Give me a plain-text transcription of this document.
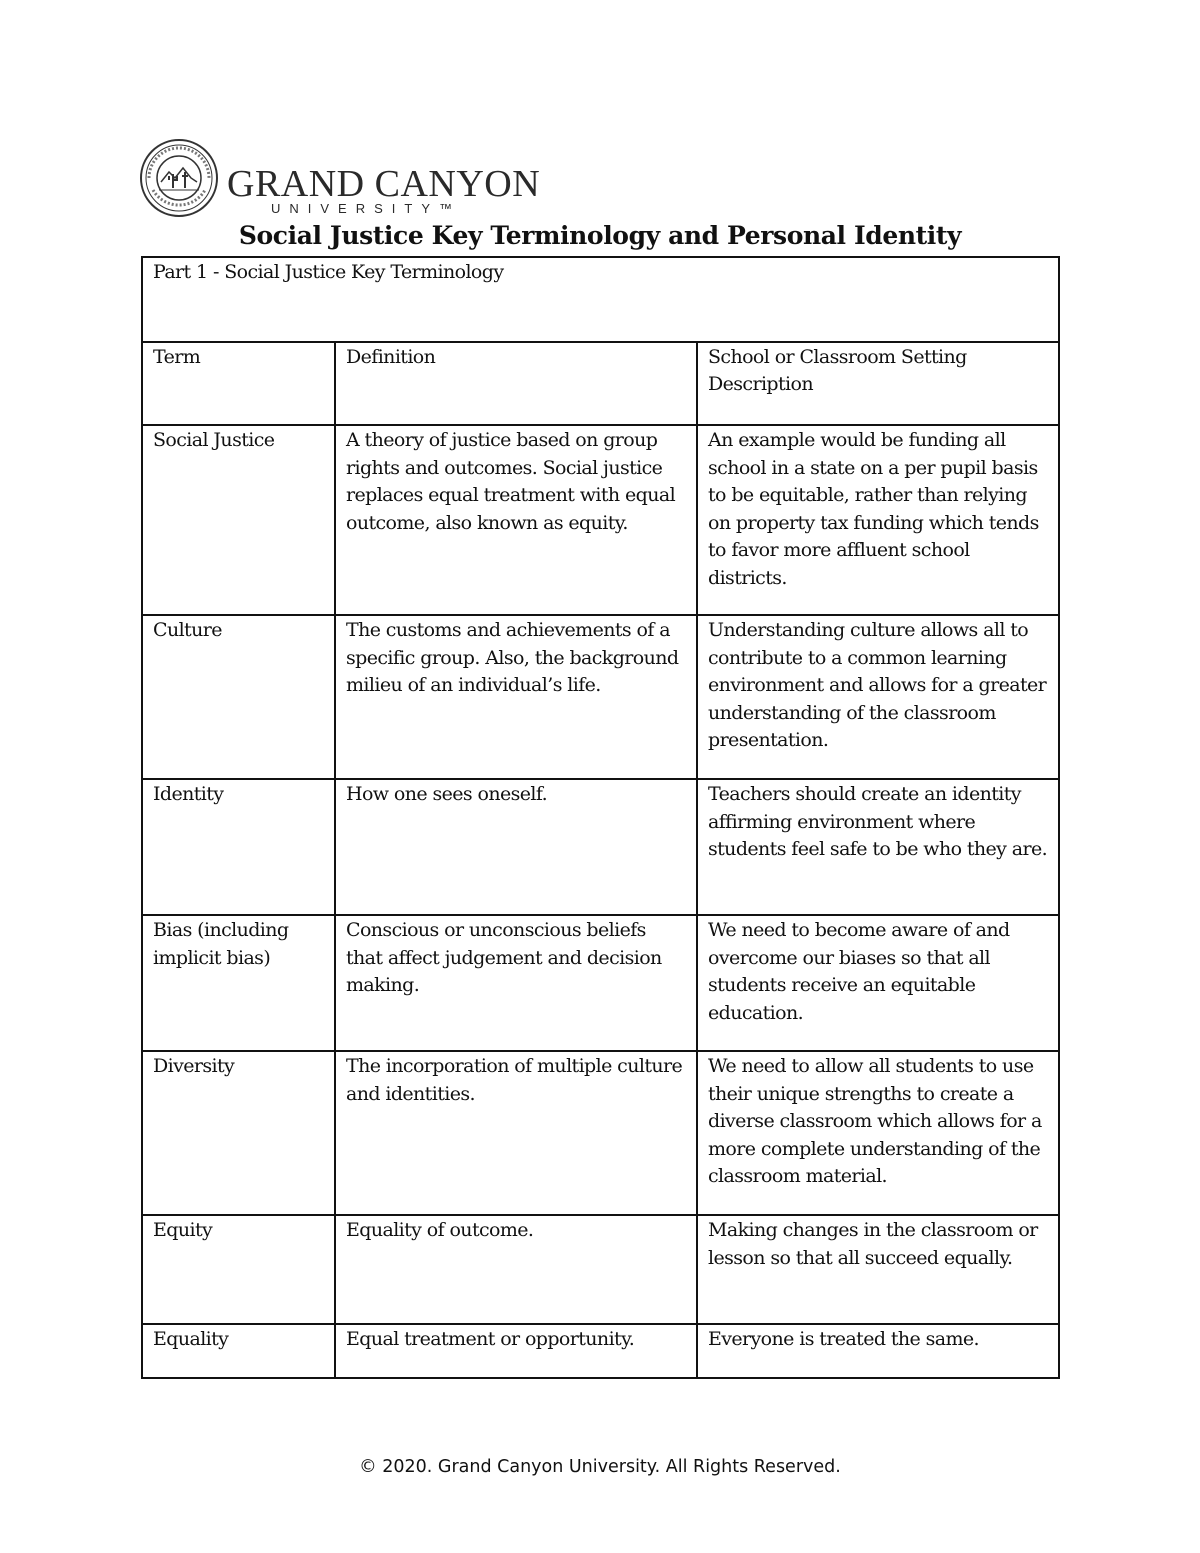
GRAND CANYON
UNIVERSITY™
Social Justice Key Terminology and Personal Identity
Part 1 - Social Justice Key Terminology		
Term	Definition	School or Classroom Setting Description
Social Justice	A theory of justice based on group rights and outcomes. Social justice replaces equal treatment with equal outcome, also known as equity.	An example would be funding all school in a state on a per pupil basis to be equitable, rather than relying on property tax funding which tends to favor more affluent school districts.
Culture	The customs and achievements of a specific group. Also, the background milieu of an individual’s life.	Understanding culture allows all to contribute to a common learning environment and allows for a greater understanding of the classroom presentation.
Identity	How one sees oneself.	Teachers should create an identity affirming environment where students feel safe to be who they are.
Bias (including implicit bias)	Conscious or unconscious beliefs that affect judgement and decision making.	We need to become aware of and overcome our biases so that all students receive an equitable education.
Diversity	The incorporation of multiple culture and identities.	We need to allow all students to use their unique strengths to create a diverse classroom which allows for a more complete understanding of the classroom material.
Equity	Equality of outcome.	Making changes in the classroom or lesson so that all succeed equally.
Equality	Equal treatment or opportunity.	Everyone is treated the same.
© 2020. Grand Canyon University. All Rights Reserved.
